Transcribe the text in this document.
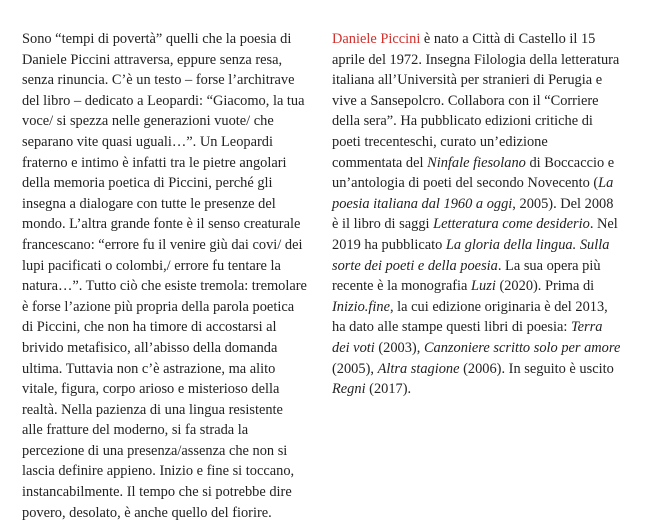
Sono “tempi di povertà” quelli che la poesia di
Daniele Piccini attraversa, eppure senza resa,
senza rinuncia. C’è un testo – forse l’architrave
del libro – dedicato a Leopardi: “Giacomo, la tua
voce/ si spezza nelle generazioni vuote/ che
separano vite quasi uguali…”. Un Leopardi
fraterno e intimo è infatti tra le pietre angolari
della memoria poetica di Piccini, perché gli
insegna a dialogare con tutte le presenze del
mondo. L’altra grande fonte è il senso creaturale
francescano: “errore fu il venire giù dai covi/ dei
lupi pacificati o colombi,/ errore fu tentare la
natura…”. Tutto ciò che esiste tremola: tremolare
è forse l’azione più propria della parola poetica
di Piccini, che non ha timore di accostarsi al
brivido metafisico, all’abisso della domanda
ultima. Tuttavia non c’è astrazione, ma alito
vitale, figura, corpo arioso e misterioso della
realtà. Nella pazienza di una lingua resistente
alle fratture del moderno, si fa strada la
percezione di una presenza/assenza che non si
lascia definire appieno. Inizio e fine si toccano,
instancabilmente. Il tempo che si potrebbe dire
povero, desolato, è anche quello del fiorire.
Daniele Piccini è nato a Città di Castello il 15
aprile del 1972. Insegna Filologia della letteratura
italiana all’Università per stranieri di Perugia e
vive a Sansepolcro. Collabora con il “Corriere
della sera”. Ha pubblicato edizioni critiche di
poeti trecenteschi, curato un’edizione
commentata del Ninfale fiesolano di Boccaccio e
un’antologia di poeti del secondo Novecento (La
poesia italiana dal 1960 a oggi, 2005). Del 2008
è il libro di saggi Letteratura come desiderio. Nel
2019 ha pubblicato La gloria della lingua. Sulla
sorte dei poeti e della poesia. La sua opera più
recente è la monografia Luzi (2020). Prima di
Inizio.fine, la cui edizione originaria è del 2013,
ha dato alle stampe questi libri di poesia: Terra
dei voti (2003), Canzoniere scritto solo per amore
(2005), Altra stagione (2006). In seguito è uscito
Regni (2017).
